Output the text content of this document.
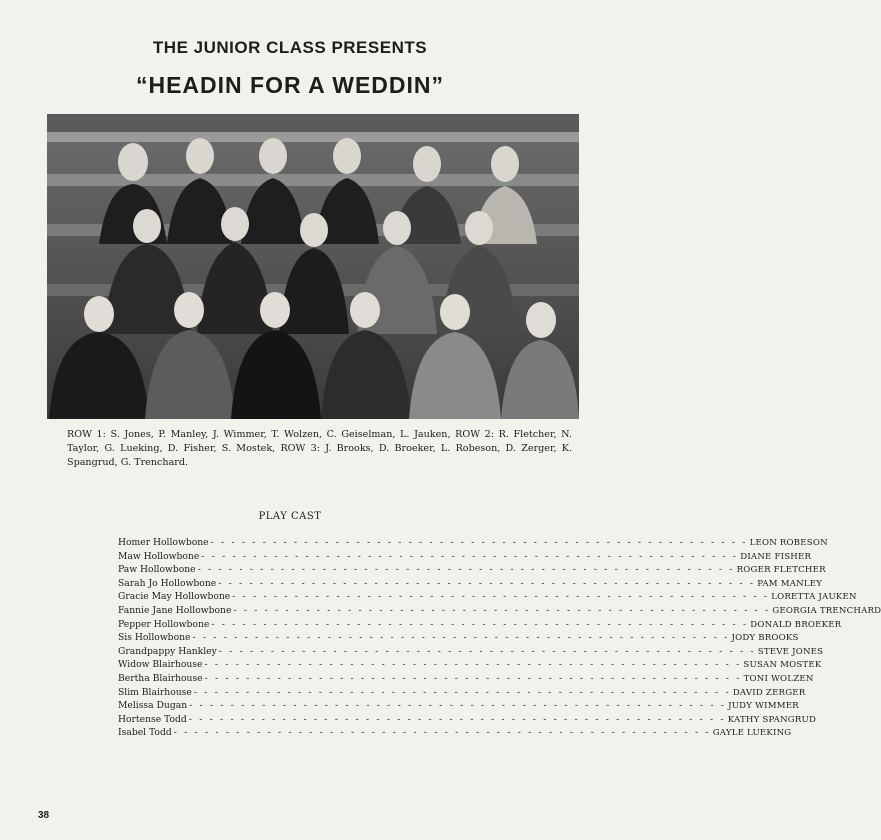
THE JUNIOR CLASS PRESENTS
“HEADIN FOR A WEDDIN”
ROW 1: S. Jones, P. Manley, J. Wimmer, T. Wolzen, C. Geiselman, L. Jauken, ROW 2: R. Fletcher, N. Taylor, G. Lueking, D. Fisher, S. Mostek, ROW 3: J. Brooks, D. Broeker, L. Robeson, D. Zerger, K. Spangrud, G. Trenchard.
PLAY CAST
Homer Hollowbone - - - - - - - - - - - - - - - - - - - - - - - - - - - - - - - - - - - - - - - - - - - - - - - - - - - - LEON ROBESON
Maw Hollowbone - - - - - - - - - - - - - - - - - - - - - - - - - - - - - - - - - - - - - - - - - - - - - - - - - - - - DIANE FISHER
Paw Hollowbone - - - - - - - - - - - - - - - - - - - - - - - - - - - - - - - - - - - - - - - - - - - - - - - - - - - - ROGER FLETCHER
Sarah Jo Hollowbone - - - - - - - - - - - - - - - - - - - - - - - - - - - - - - - - - - - - - - - - - - - - - - - - - - - - PAM MANLEY
Gracie May Hollowbone - - - - - - - - - - - - - - - - - - - - - - - - - - - - - - - - - - - - - - - - - - - - - - - - - - - - LORETTA JAUKEN
Fannie Jane Hollowbone - - - - - - - - - - - - - - - - - - - - - - - - - - - - - - - - - - - - - - - - - - - - - - - - - - - - GEORGIA TRENCHARD
Pepper Hollowbone - - - - - - - - - - - - - - - - - - - - - - - - - - - - - - - - - - - - - - - - - - - - - - - - - - - - DONALD BROEKER
Sis Hollowbone - - - - - - - - - - - - - - - - - - - - - - - - - - - - - - - - - - - - - - - - - - - - - - - - - - - - JODY BROOKS
Grandpappy Hankley - - - - - - - - - - - - - - - - - - - - - - - - - - - - - - - - - - - - - - - - - - - - - - - - - - - - STEVE JONES
Widow Blairhouse - - - - - - - - - - - - - - - - - - - - - - - - - - - - - - - - - - - - - - - - - - - - - - - - - - - - SUSAN MOSTEK
Bertha Blairhouse - - - - - - - - - - - - - - - - - - - - - - - - - - - - - - - - - - - - - - - - - - - - - - - - - - - - TONI WOLZEN
Slim Blairhouse - - - - - - - - - - - - - - - - - - - - - - - - - - - - - - - - - - - - - - - - - - - - - - - - - - - - DAVID ZERGER
Melissa Dugan - - - - - - - - - - - - - - - - - - - - - - - - - - - - - - - - - - - - - - - - - - - - - - - - - - - - JUDY WIMMER
Hortense Todd - - - - - - - - - - - - - - - - - - - - - - - - - - - - - - - - - - - - - - - - - - - - - - - - - - - - KATHY SPANGRUD
Isabel Todd - - - - - - - - - - - - - - - - - - - - - - - - - - - - - - - - - - - - - - - - - - - - - - - - - - - - GAYLE LUEKING
38
